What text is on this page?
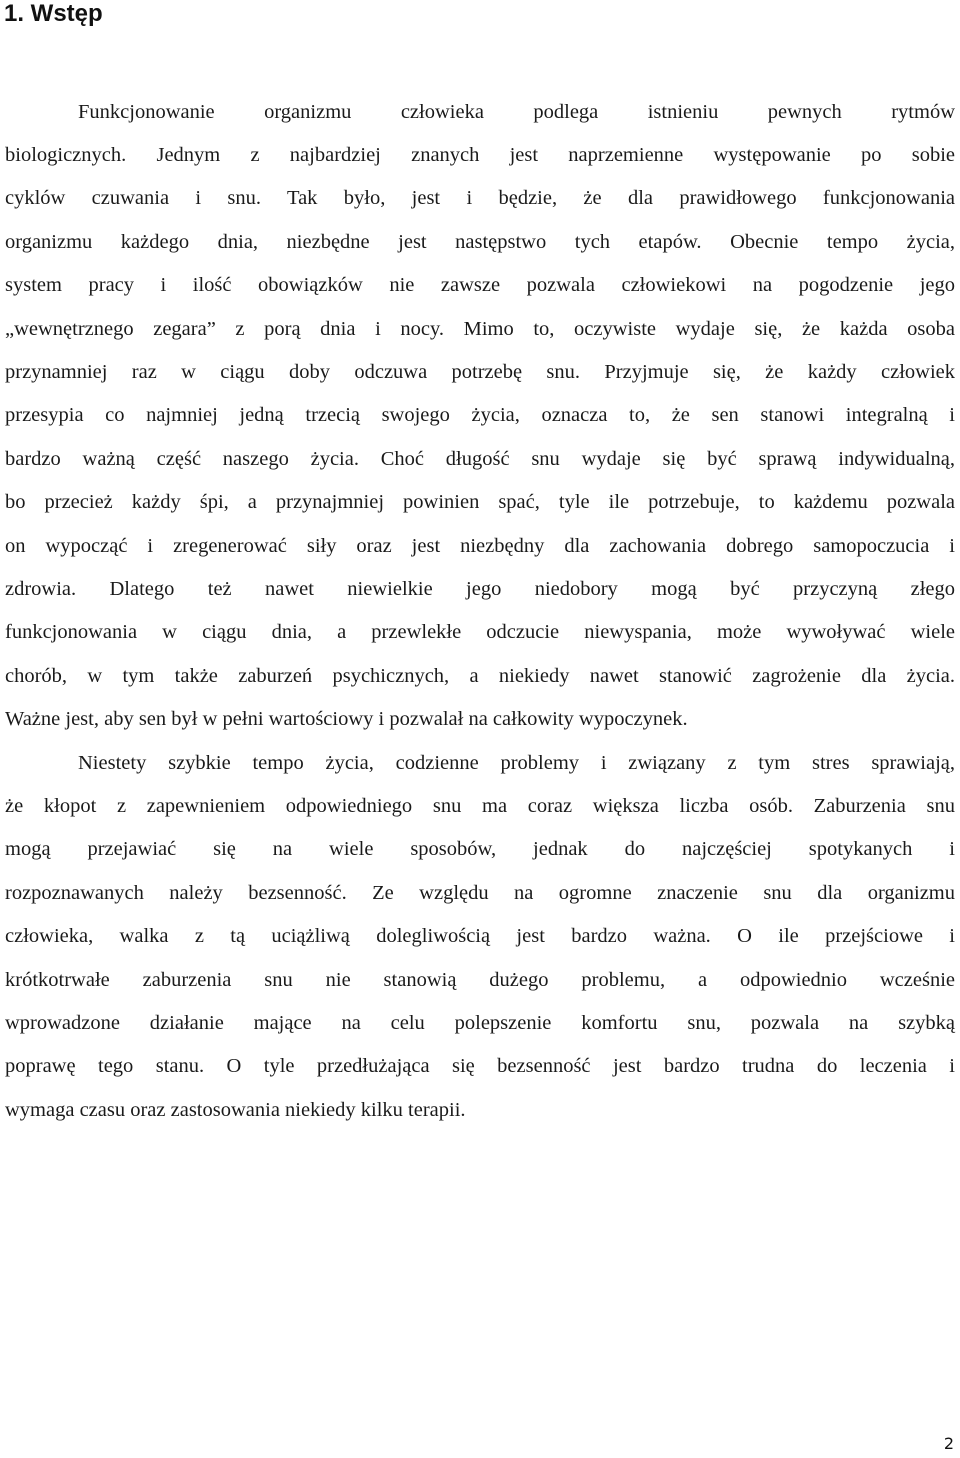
1. Wstęp
Funkcjonowanie organizmu człowieka podlega istnieniu pewnych rytmów
biologicznych. Jednym z najbardziej znanych jest naprzemienne występowanie po sobie
cyklów czuwania i snu. Tak było, jest i będzie, że dla prawidłowego funkcjonowania
organizmu każdego dnia, niezbędne jest następstwo tych etapów. Obecnie tempo życia,
system pracy i ilość obowiązków nie zawsze pozwala człowiekowi na pogodzenie jego
„wewnętrznego zegara” z porą dnia i nocy. Mimo to, oczywiste wydaje się, że każda osoba
przynamniej raz w ciągu doby odczuwa potrzebę snu. Przyjmuje się, że każdy człowiek
przesypia co najmniej jedną trzecią swojego życia, oznacza to, że sen stanowi integralną i
bardzo ważną część naszego życia. Choć długość snu wydaje się być sprawą indywidualną,
bo przecież każdy śpi, a przynajmniej powinien spać, tyle ile potrzebuje, to każdemu pozwala
on wypocząć i zregenerować siły oraz jest niezbędny dla zachowania dobrego samopoczucia i
zdrowia. Dlatego też nawet niewielkie jego niedobory mogą być przyczyną złego
funkcjonowania w ciągu dnia, a przewlekłe odczucie niewyspania, może wywoływać wiele
chorób, w tym także zaburzeń psychicznych, a niekiedy nawet stanowić zagrożenie dla życia.
Ważne jest, aby sen był w pełni wartościowy i pozwalał na całkowity wypoczynek.
Niestety szybkie tempo życia, codzienne problemy i związany z tym stres sprawiają,
że kłopot z zapewnieniem odpowiedniego snu ma coraz większa liczba osób. Zaburzenia snu
mogą przejawiać się na wiele sposobów, jednak do najczęściej spotykanych i
rozpoznawanych należy bezsenność. Ze względu na ogromne znaczenie snu dla organizmu
człowieka, walka z tą uciążliwą dolegliwością jest bardzo ważna. O ile przejściowe i
krótkotrwałe zaburzenia snu nie stanowią dużego problemu, a odpowiednio wcześnie
wprowadzone działanie mające na celu polepszenie komfortu snu, pozwala na szybką
poprawę tego stanu. O tyle przedłużająca się bezsenność jest bardzo trudna do leczenia i
wymaga czasu oraz zastosowania niekiedy kilku terapii.
2
